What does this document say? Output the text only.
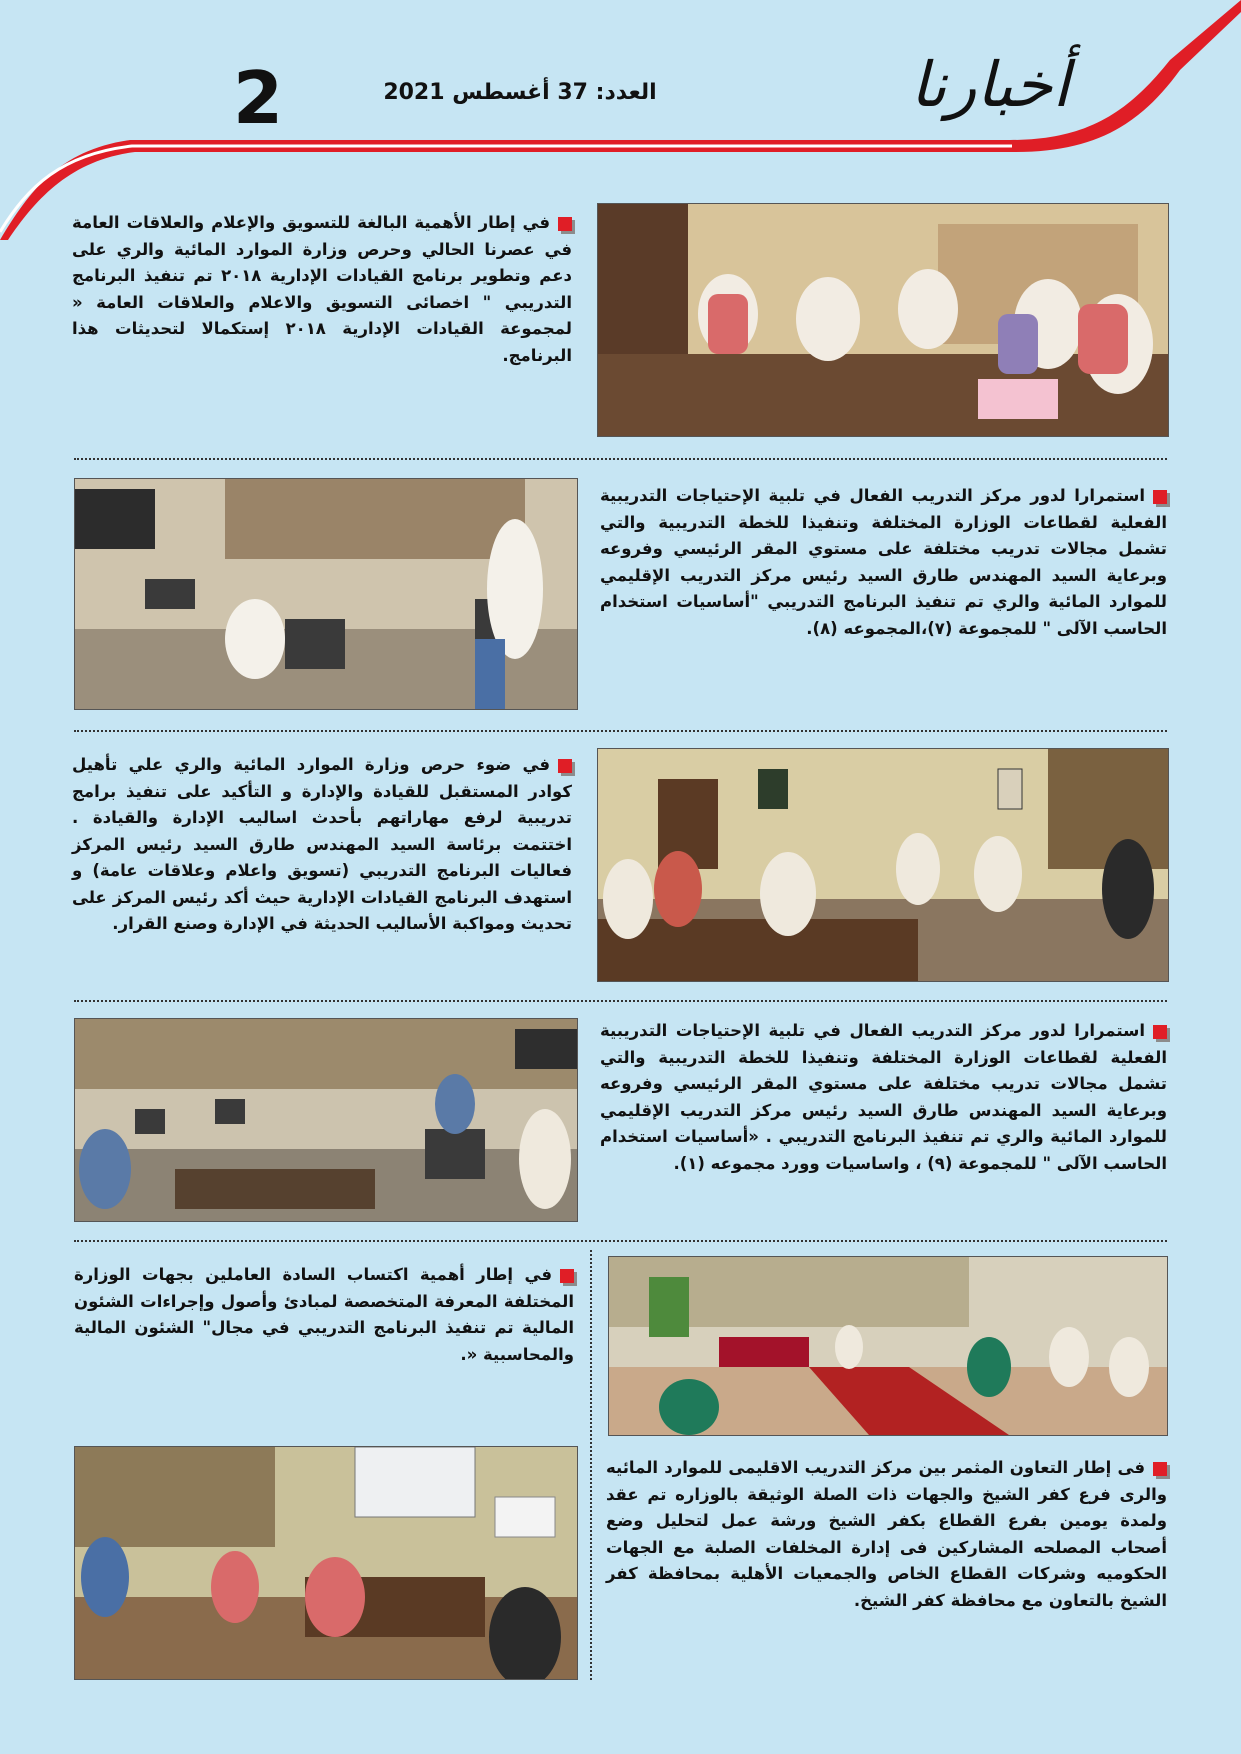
2	العدد: 37 أغسطس 2021	أخبارنا
في إطار الأهمية البالغة للتسويق والإعلام والعلاقات العامة في عصرنا الحالي وحرص وزارة الموارد المائية والري على دعم وتطوير برنامج القيادات الإدارية ٢٠١٨ تم تنفيذ البرنامج التدريبي " اخصائى التسويق والاعلام والعلاقات العامة « لمجموعة القيادات الإدارية ٢٠١٨ إستكمالا لتحديثات هذا البرنامج.
استمرارا لدور مركز التدريب الفعال في تلبية الإحتياجات التدريبية الفعلية لقطاعات الوزارة المختلفة وتنفيذا للخطة التدريبية والتي تشمل مجالات تدريب مختلفة على مستوي المقر الرئيسي وفروعه وبرعاية السيد المهندس طارق السيد رئيس مركز التدريب الإقليمي للموارد المائية والري تم تنفيذ البرنامج التدريبي "أساسيات استخدام الحاسب الآلى " للمجموعة (٧)،المجموعه (٨).
في ضوء حرص وزارة الموارد المائية والري علي تأهيل كوادر المستقبل للقيادة والإدارة و التأكيد على تنفيذ برامج تدريبية لرفع مهاراتهم بأحدث اساليب الإدارة والقيادة . اختتمت برئاسة السيد المهندس طارق السيد رئيس المركز فعاليات البرنامج التدريبي (تسويق واعلام وعلاقات عامة) و استهدف البرنامج القيادات الإدارية حيث أكد رئيس المركز على تحديث ومواكبة الأساليب الحديثة في الإدارة وصنع القرار.
استمرارا لدور مركز التدريب الفعال في تلبية الإحتياجات التدريبية الفعلية لقطاعات الوزارة المختلفة وتنفيذا للخطة التدريبية والتي تشمل مجالات تدريب مختلفة على مستوي المقر الرئيسي وفروعه وبرعاية السيد المهندس طارق السيد رئيس مركز التدريب الإقليمي للموارد المائية والري تم تنفيذ البرنامج التدريبي . «أساسيات استخدام الحاسب الآلى " للمجموعة (٩) ، واساسيات وورد مجموعه (١).
في إطار أهمية اكتساب السادة العاملين بجهات الوزارة المختلفة المعرفة المتخصصة لمبادئ وأصول وإجراءات الشئون المالية تم تنفيذ البرنامج التدريبي في مجال" الشئون المالية والمحاسبية «.
فى إطار التعاون المثمر بين مركز التدريب الاقليمى للموارد المائيه والرى فرع كفر الشيخ والجهات ذات الصلة الوثيقة بالوزاره تم عقد ولمدة يومين بفرع القطاع بكفر الشيخ ورشة عمل لتحليل وضع أصحاب المصلحه المشاركين فى إدارة المخلفات الصلبة مع الجهات الحكوميه وشركات القطاع الخاص والجمعيات الأهلية بمحافظة كفر الشيخ بالتعاون مع محافظة كفر الشيخ.
